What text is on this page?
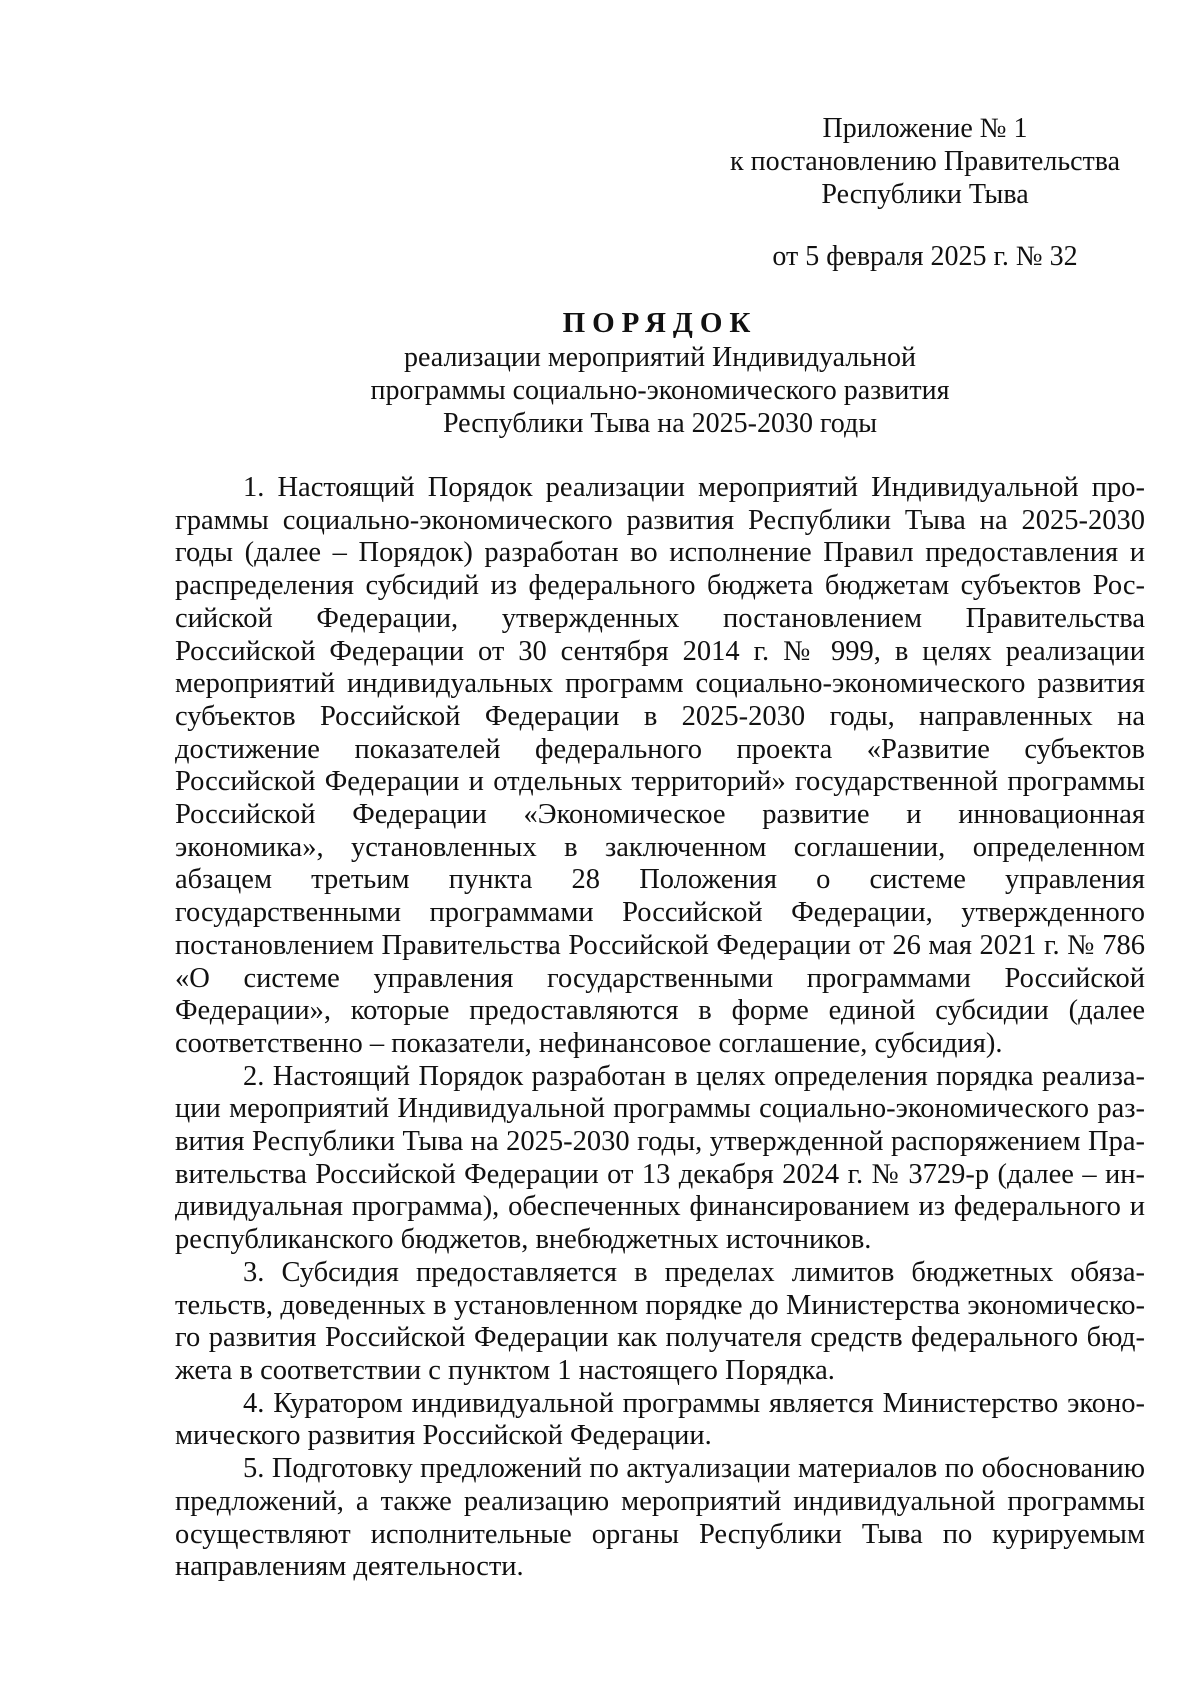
Приложение № 1
к постановлению Правительства
Республики Тыва
от 5 февраля 2025 г. № 32
ПОРЯДОК
реализации мероприятий Индивидуальной
программы социально-экономического развития
Республики Тыва на 2025-2030 годы

1. Настоящий Порядок реализации мероприятий Индивидуальной программы социально-экономического развития Республики Тыва на 2025-2030 годы (далее – Порядок) разработан во исполнение Правил предоставления и распределения субсидий из федерального бюджета бюджетам субъектов Российской Федерации, утвержденных постановлением Правительства Российской Федерации от 30 сентября 2014 г. № 999, в целях реализации мероприятий индивидуальных программ социально-экономического развития субъектов Российской Федерации в 2025-2030 годы, направленных на достижение показателей федерального проекта «Развитие субъектов Российской Федерации и отдельных территорий» государственной программы Российской Федерации «Экономическое развитие и инновационная экономика», установленных в заключенном соглашении, определенном абзацем третьим пункта 28 Положения о системе управления государственными программами Российской Федерации, утвержденного постановлением Правительства Российской Федерации от 26 мая 2021 г. № 786 «О системе управления государственными программами Российской Федерации», которые предоставляются в форме единой субсидии (далее соответственно – показатели, нефинансовое соглашение, субсидия).

2. Настоящий Порядок разработан в целях определения порядка реализации мероприятий Индивидуальной программы социально-экономического развития Республики Тыва на 2025-2030 годы, утвержденной распоряжением Правительства Российской Федерации от 13 декабря 2024 г. № 3729-р (далее – индивидуальная программа), обеспеченных финансированием из федерального и республиканского бюджетов, внебюджетных источников.

3. Субсидия предоставляется в пределах лимитов бюджетных обязательств, доведенных в установленном порядке до Министерства экономического развития Российской Федерации как получателя средств федерального бюджета в соответствии с пунктом 1 настоящего Порядка.

4. Куратором индивидуальной программы является Министерство экономического развития Российской Федерации.

5. Подготовку предложений по актуализации материалов по обоснованию предложений, а также реализацию мероприятий индивидуальной программы осуществляют исполнительные органы Республики Тыва по курируемым направлениям деятельности.
